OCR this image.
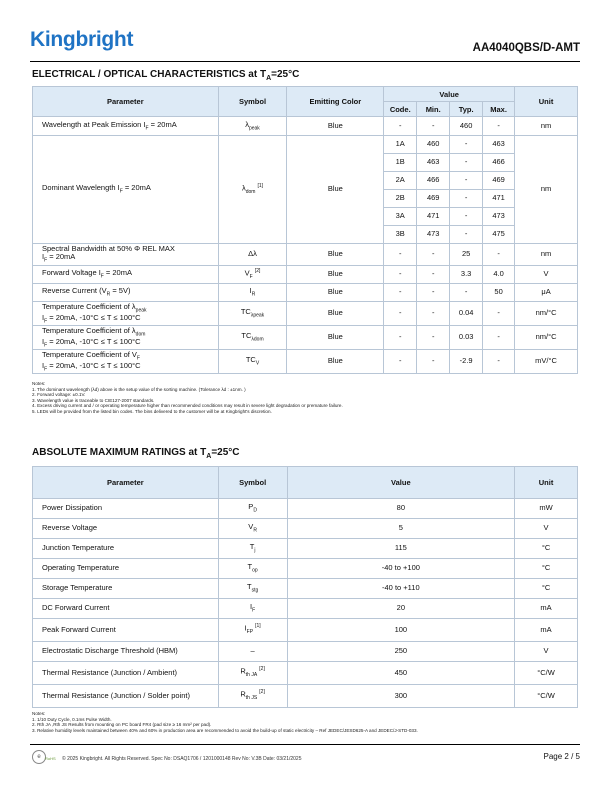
Kingbright	AA4040QBS/D-AMT
ELECTRICAL / OPTICAL CHARACTERISTICS at $T_A=25^\circ C$
Parameter	Symbol	Emitting Color	Value				Unit
			Code.	Min.	Typ.	Max.	
Wavelength at Peak Emission $I_F = 20mA$	$\lambda_{peak}$	Blue	-	-	460	-	nm
Dominant Wavelength $I_F = 20mA$	$\lambda_{dom}$ [1]	Blue	1A	460	-	463	nm
			1B	463	-	466	
			2A	466	-	469	
			2B	469	-	471	
			3A	471	-	473	
			3B	473	-	475	
Spectral Bandwidth at 50% Φ REL MAX
$I_F = 20mA$	Δλ	Blue	-	-	25	-	nm
Forward Voltage $I_F = 20mA$	$V_F$ [2]	Blue	-	-	3.3	4.0	V
Reverse Current $(V_R = 5V)$	$I_R$	Blue	-	-	-	50	μA
Temperature Coefficient of $\lambda_{peak}$
$I_F = 20mA$, -10°C ≤ T ≤ 100°C	$TC_{\lambda peak}$	Blue	-	-	0.04	-	nm/°C
Temperature Coefficient of $\lambda_{dom}$
$I_F = 20mA$, -10°C ≤ T ≤ 100°C	$TC_{\lambda dom}$	Blue	-	-	0.03	-	nm/°C
Temperature Coefficient of $V_F$
$I_F = 20mA$, -10°C ≤ T ≤ 100°C	$TC_V$	Blue	-	-	-2.9	-	mV/°C
Notes:
1. The dominant wavelength (λd) above is the setup value of the sorting machine. (Tolerance λd : ±1nm. )
2. Forward voltage: ±0.1V.
3. Wavelength value is traceable to CIE127-2007 standards.
4. Excess driving current and / or operating temperature higher than recommended conditions may result in severe light degradation or premature failure.
5. LEDs will be provided from the listed bin codes. The bins delivered to the customer will be at Kingbright's discretion.
ABSOLUTE MAXIMUM RATINGS at $T_A=25^\circ C$
Parameter	Symbol	Value	Unit
Power Dissipation	$P_D$	80	mW
Reverse Voltage	$V_R$	5	V
Junction Temperature	$T_j$	115	°C
Operating Temperature	$T_{op}$	-40 to +100	°C
Storage Temperature	$T_{stg}$	-40 to +110	°C
DC Forward Current	$I_F$	20	mA
Peak Forward Current	$I_{FP}$ [1]	100	mA
Electrostatic Discharge Threshold (HBM)	–	250	V
Thermal Resistance (Junction / Ambient)	$R_{th JA}$ [2]	450	°C/W
Thermal Resistance (Junction / Solder point)	$R_{th JS}$ [2]	300	°C/W
Notes:
1. 1/10 Duty Cycle, 0.1ms Pulse Width.
2. Rth JA ,Rth JS Results from mounting on PC board FR4 (pad size ≥ 16 mm² per pad).
3. Relative humidity levels maintained between 40% and 60% in production area are recommended to avoid the build-up of static electricity – Ref JEDEC/JESD625-A and JEDEC/J-STD-033.
e	RoHS © 2025 Kingbright. All Rights Reserved. Spec No: DSAQ1706 / 1201000148 Rev No: V.3B Date: 03/21/2025	Page 2 / 5
